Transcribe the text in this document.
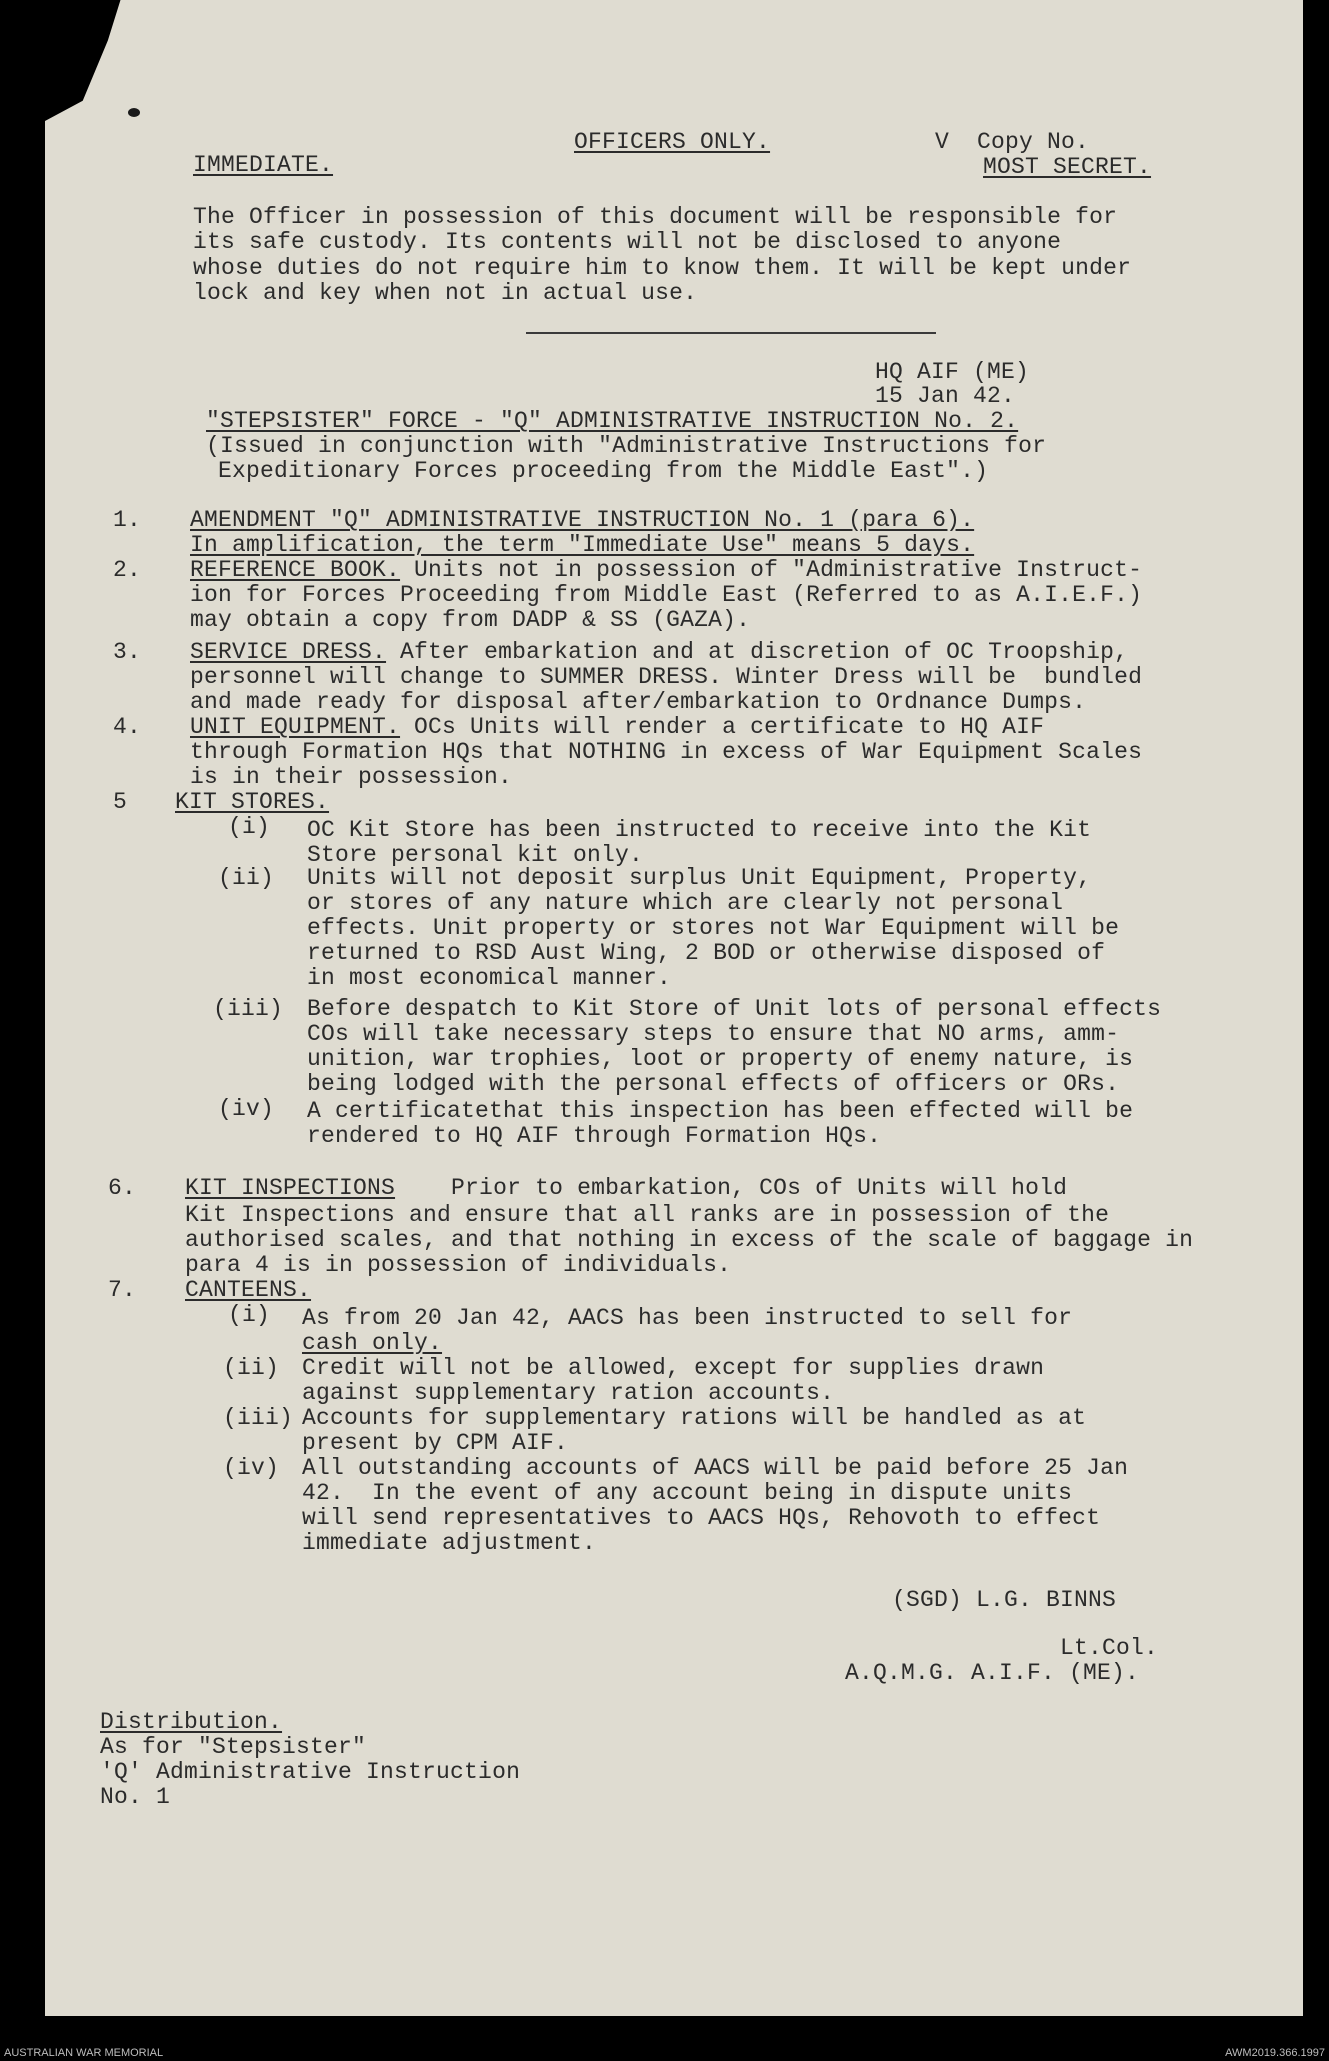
OFFICERS ONLY.	V  Copy No.
IMMEDIATE.	MOST SECRET.
The Officer in possession of this document will be responsible for
its safe custody. Its contents will not be disclosed to anyone
whose duties do not require him to know them. It will be kept under
lock and key when not in actual use.
HQ AIF (ME)
15 Jan 42.
"STEPSISTER" FORCE - "Q" ADMINISTRATIVE INSTRUCTION No. 2.
(Issued in conjunction with "Administrative Instructions for
Expeditionary Forces proceeding from the Middle East".)
1. AMENDMENT "Q" ADMINISTRATIVE INSTRUCTION No. 1 (para 6).
In amplification, the term "Immediate Use" means 5 days.
2. REFERENCE BOOK. Units not in possession of "Administrative Instruct-
ion for Forces Proceeding from Middle East (Referred to as A.I.E.F.)
may obtain a copy from DADP & SS (GAZA).
3. SERVICE DRESS. After embarkation and at discretion of OC Troopship,
personnel will change to SUMMER DRESS. Winter Dress will be  bundled
and made ready for disposal after/embarkation to Ordnance Dumps.
4. UNIT EQUIPMENT. OCs Units will render a certificate to HQ AIF
through Formation HQs that NOTHING in excess of War Equipment Scales
is in their possession.
5 KIT STORES.
(i) OC Kit Store has been instructed to receive into the Kit
Store personal kit only.
(ii) Units will not deposit surplus Unit Equipment, Property,
or stores of any nature which are clearly not personal
effects. Unit property or stores not War Equipment will be
returned to RSD Aust Wing, 2 BOD or otherwise disposed of
in most economical manner.
(iii) Before despatch to Kit Store of Unit lots of personal effects
COs will take necessary steps to ensure that NO arms, amm-
unition, war trophies, loot or property of enemy nature, is
being lodged with the personal effects of officers or ORs.
(iv) A certificatethat this inspection has been effected will be
rendered to HQ AIF through Formation HQs.
6. KIT INSPECTIONS    Prior to embarkation, COs of Units will hold
Kit Inspections and ensure that all ranks are in possession of the
authorised scales, and that nothing in excess of the scale of baggage in
para 4 is in possession of individuals.
7. CANTEENS.
(i) As from 20 Jan 42, AACS has been instructed to sell for
cash only.
(ii) Credit will not be allowed, except for supplies drawn
against supplementary ration accounts.
(iii) Accounts for supplementary rations will be handled as at
present by CPM AIF.
(iv) All outstanding accounts of AACS will be paid before 25 Jan
42.  In the event of any account being in dispute units
will send representatives to AACS HQs, Rehovoth to effect
immediate adjustment.
(SGD) L.G. BINNS
Lt.Col.
A.Q.M.G. A.I.F. (ME).
Distribution.
As for "Stepsister"
'Q' Administrative Instruction
No. 1
AUSTRALIAN WAR MEMORIAL	AWM2019.366.1997
